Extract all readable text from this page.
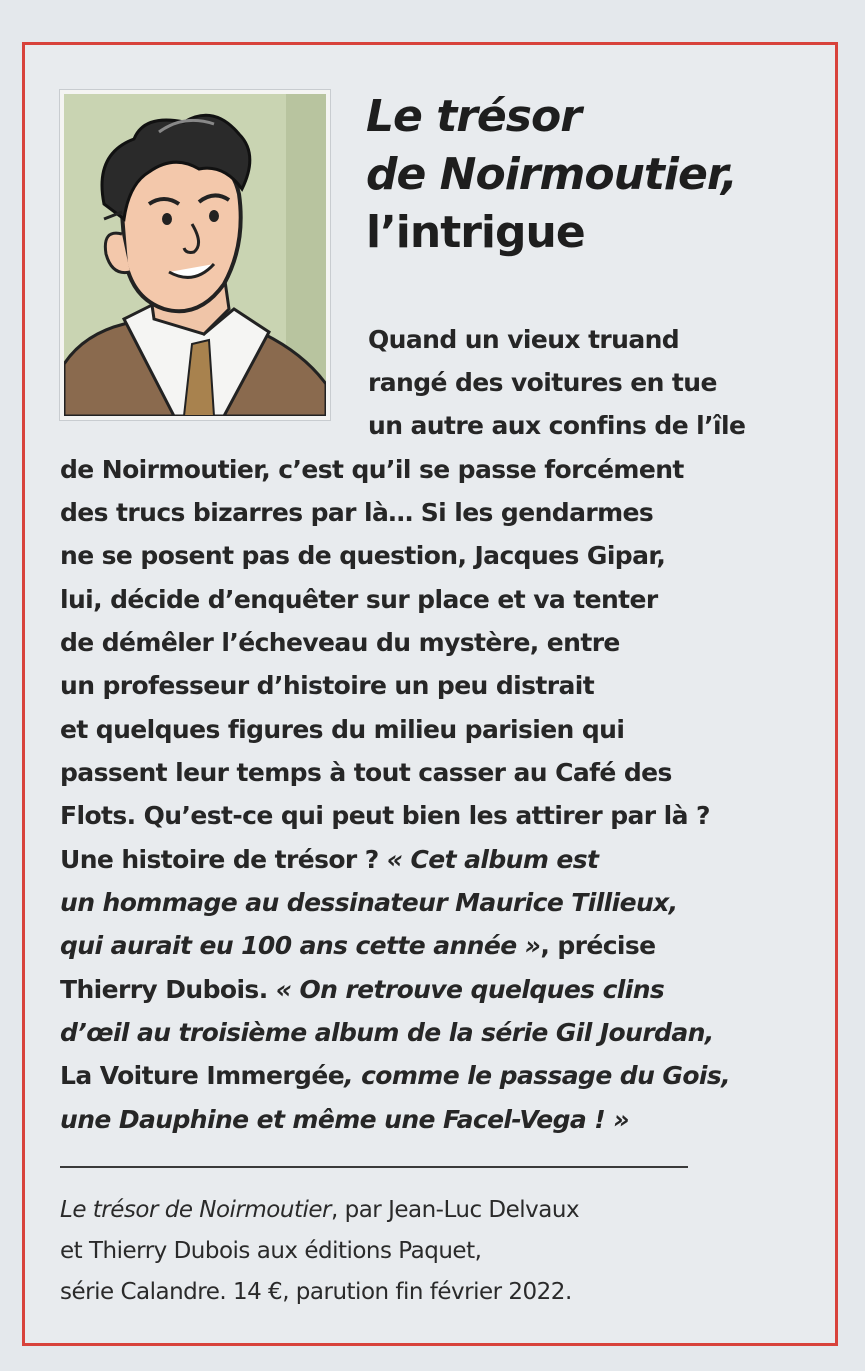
Le trésor
de Noirmoutier,
l’intrigue
Quand un vieux truand
rangé des voitures en tue
un autre aux confins de l’île
de Noirmoutier, c’est qu’il se passe forcément
des trucs bizarres par là… Si les gendarmes
ne se posent pas de question, Jacques Gipar,
lui, décide d’enquêter sur place et va tenter
de démêler l’écheveau du mystère, entre
un professeur d’histoire un peu distrait
et quelques figures du milieu parisien qui
passent leur temps à tout casser au Café des
Flots. Qu’est-ce qui peut bien les attirer par là ?
Une histoire de trésor ? « Cet album est
un hommage au dessinateur Maurice Tillieux,
qui aurait eu 100 ans cette année », précise
Thierry Dubois. « On retrouve quelques clins
d’œil au troisième album de la série Gil Jourdan,
La Voiture Immergée, comme le passage du Gois,
une Dauphine et même une Facel-Vega ! »
Le trésor de Noirmoutier, par Jean-Luc Delvaux
et Thierry Dubois aux éditions Paquet,
série Calandre. 14 €, parution fin février 2022.
